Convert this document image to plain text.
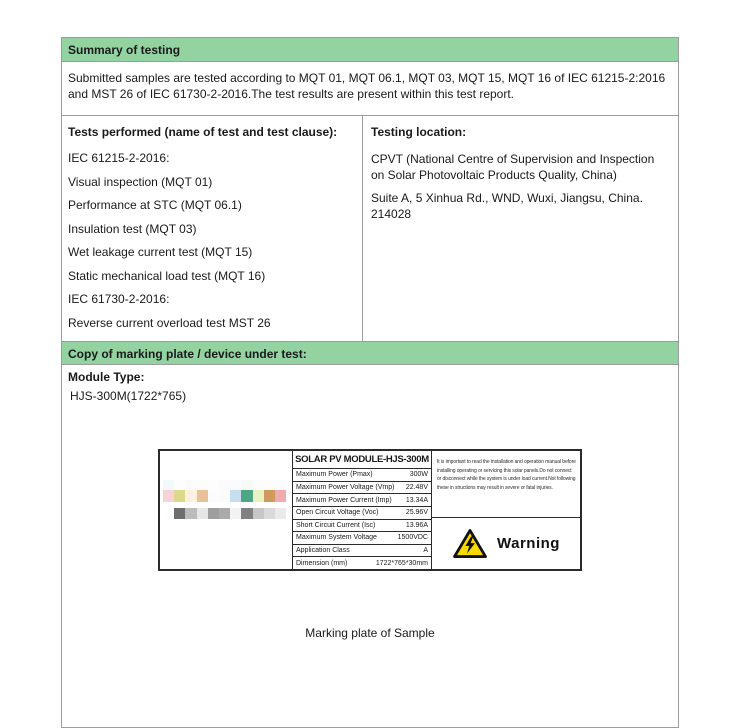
Summary of testing
Submitted samples are tested according to MQT 01, MQT 06.1, MQT 03, MQT 15, MQT 16 of IEC 61215-2:2016 and MST 26 of IEC 61730-2-2016.The test results are present within this test report.
Tests performed (name of test and test clause):
IEC 61215-2-2016:
Visual inspection (MQT 01)
Performance at STC (MQT 06.1)
Insulation test (MQT 03)
Wet leakage current test (MQT 15)
Static mechanical load test (MQT 16)
IEC 61730-2-2016:
Reverse current overload test MST 26
Testing location:
CPVT (National Centre of Supervision and Inspection on Solar Photovoltaic Products Quality, China)
Suite A, 5 Xinhua Rd., WND, Wuxi, Jiangsu, China. 214028
Copy of marking plate / device under test:
Module Type:
HJS-300M(1722*765)
SOLAR PV MODULE-HJS-300M
Maximum Power (Pmax)	300W
Maximum Power Voltage (Vmp) 22.48V
Maximum Power Current (Imp) 13.34A
Open Circuit Voltage (Voc)	25.96V
Short Circuit Current (Isc)	13.96A
Maximum System Voltage	1500VDC
Application Class	A
Dimension (mm)	1722*765*30mm
It is important to read the installation and operation manual before installing operating or servicing this solar panels.Do not connect or disconnect while the system is under load current.Not following these in structions may result in severe or fatal injuries.
Warning
Marking plate of Sample
